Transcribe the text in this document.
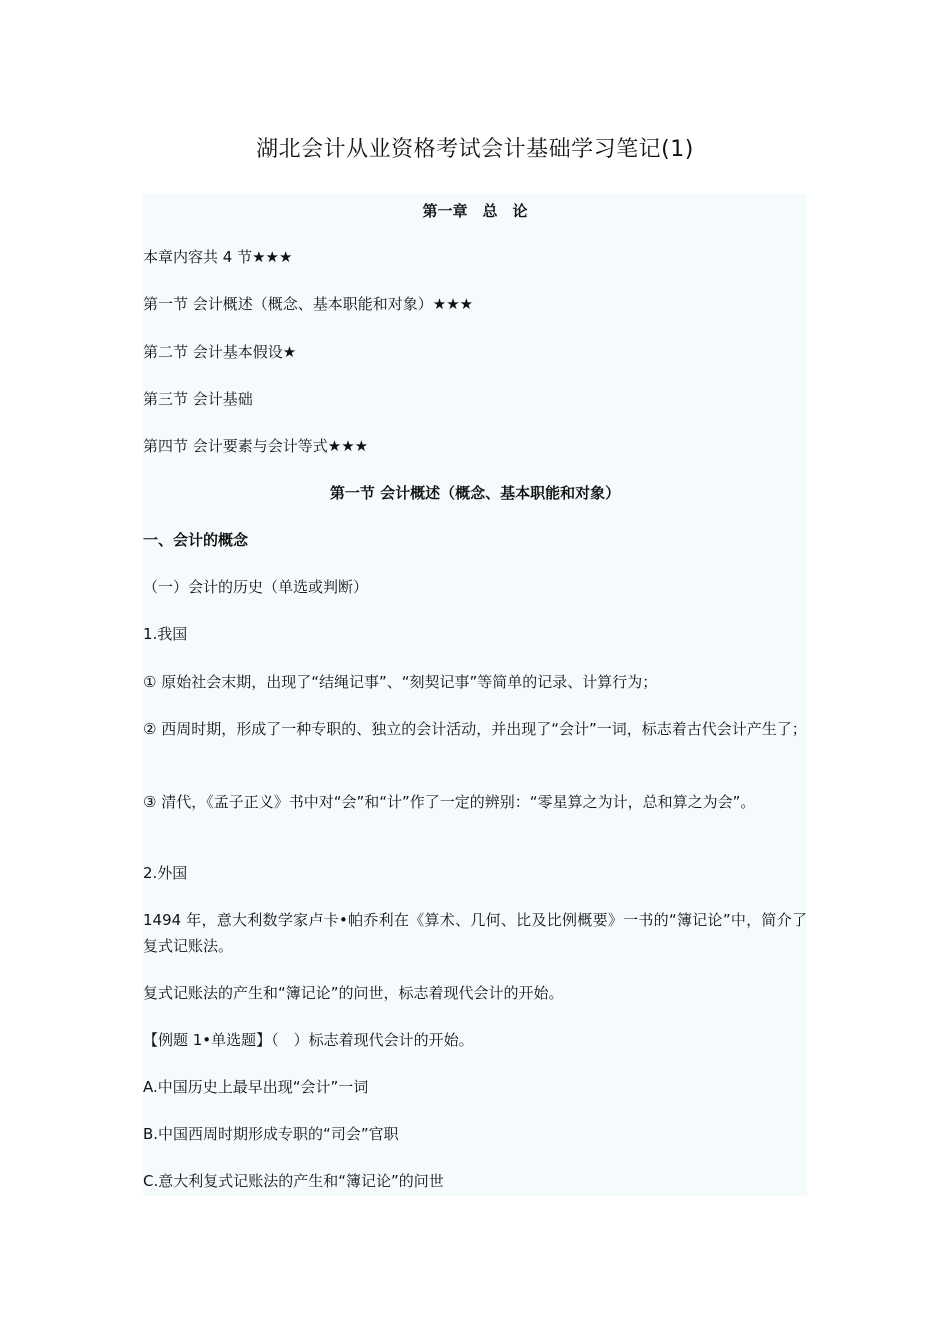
湖北会计从业资格考试会计基础学习笔记(1)
第一章　总　论
本章内容共 4 节★★★
第一节 会计概述（概念、基本职能和对象）★★★
第二节 会计基本假设★
第三节 会计基础
第四节 会计要素与会计等式★★★
第一节 会计概述（概念、基本职能和对象）
一、会计的概念
（一）会计的历史（单选或判断）
1.我国
① 原始社会末期，出现了“结绳记事”、“刻契记事”等简单的记录、计算行为；
② 西周时期，形成了一种专职的、独立的会计活动，并出现了“会计”一词，标志着古代会计产生了；
③ 清代，《孟子正义》书中对“会”和“计”作了一定的辨别：“零星算之为计，总和算之为会”。
2.外国
1494 年，意大利数学家卢卡•帕乔利在《算术、几何、比及比例概要》一书的“簿记论”中，简介了复式记账法。
复式记账法的产生和“簿记论”的问世，标志着现代会计的开始。
【例题 1•单选题】（　）标志着现代会计的开始。
A.中国历史上最早出现“会计”一词
B.中国西周时期形成专职的“司会”官职
C.意大利复式记账法的产生和“簿记论”的问世
